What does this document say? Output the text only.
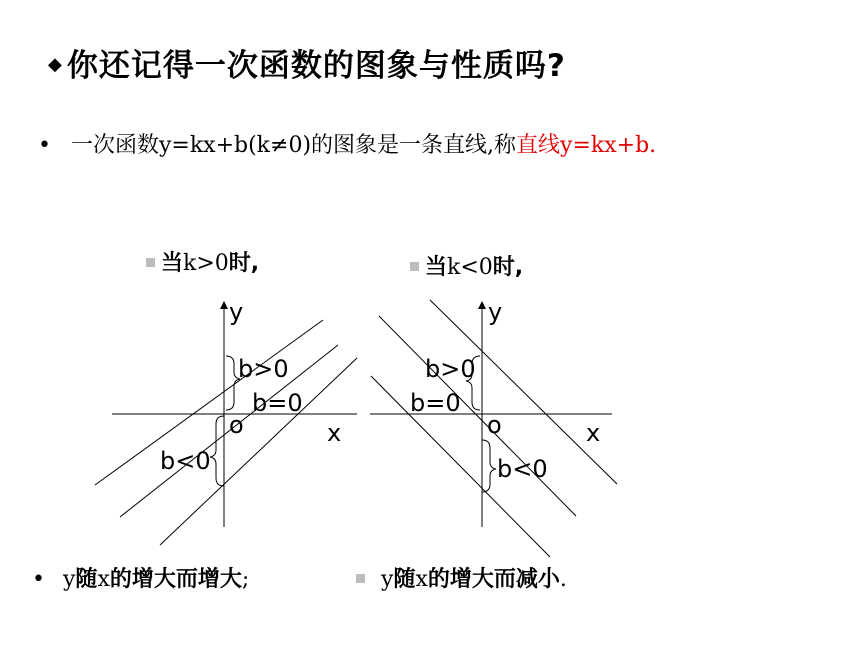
◆ 你还记得一次函数的图象与性质吗?
• 一次函数y=kx+b(k≠0)的图象是一条直线,称直线y=kx+b.
当k>0时,	当k<0时,
y
b>0
b=0
o	x
b<0
y
b>0
b=0
o	x
b<0
• y随x的增大而增大;	y随x的增大而减小.
